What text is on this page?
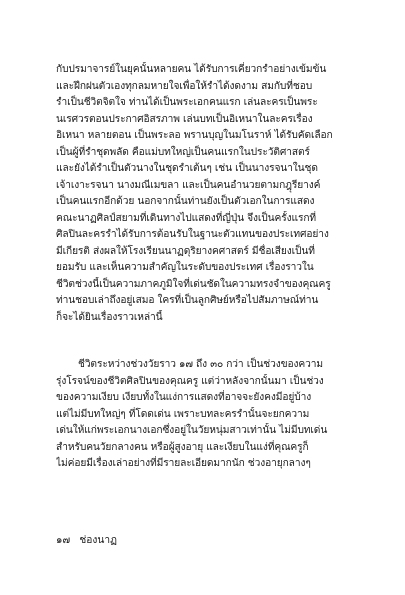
กับปรมาจารย์ในยุคนั้นหลายคน ได้รับการเคี่ยวกรำอย่างเข้มข้น
และฝึกฝนตัวเองทุกลมหายใจเพื่อให้รำได้งดงาม สมกับที่ชอบ
รำเป็นชีวิตจิตใจ ท่านได้เป็นพระเอกคนแรก เล่นละครเป็นพระ
นเรศวรตอนประกาศอิสรภาพ เล่นบทเป็นอิเหนาในละครเรื่อง
อิเหนา หลายตอน เป็นพระลอ พรานบุญในมโนราห์ ได้รับคัดเลือก
เป็นผู้ที่รำชุดพลัด คือแม่บทใหญ่เป็นคนแรกในประวัติศาสตร์
และยังได้รำเป็นตัวนางในชุดรำเต้นๆ เช่น เป็นนางรจนาในชุด
เจ้าเงาะรจนา นางมณีเมขลา และเป็นคนอำนวยตามกฎุรียางค์
เป็นคนแรกอีกด้วย นอกจากนั้นท่านยังเป็นตัวเอกในการแสดง
คณะนาฏศิลป์สยามที่เดินทางไปแสดงที่ญี่ปุ่น จึงเป็นครั้งแรกที่
ศิลปินละครรำได้รับการต้อนรับในฐานะตัวแทนของประเทศอย่าง
มีเกียรติ ส่งผลให้โรงเรียนนาฏดุริยางคศาสตร์ มีชื่อเสียงเป็นที่
ยอมรับ และเห็นความสำคัญในระดับของประเทศ เรื่องราวใน
ชีวิตช่วงนี้เป็นความภาคภูมิใจที่เด่นชัดในความทรงจำของคุณครู
ท่านชอบเล่าถึงอยู่เสมอ ใครที่เป็นลูกศิษย์หรือไปสัมภาษณ์ท่าน
ก็จะได้ยินเรื่องราวเหล่านี้
ชีวิตระหว่างช่วงวัยราว ๑๗ ถึง ๓๐ กว่า เป็นช่วงของความ
รุ่งโรจน์ของชีวิตศิลปินของคุณครู แต่ว่าหลังจากนั้นมา เป็นช่วง
ของความเงียบ เงียบทั้งในแง่การแสดงที่อาจจะยังคงมีอยู่บ้าง
แต่ไม่มีบทใหญ่ๆ ที่โดดเด่น เพราะบทละครรำนั้นจะยกความ
เด่นให้แก่พระเอกนางเอกซึ่งอยู่ในวัยหนุ่มสาวเท่านั้น ไม่มีบทเด่น
สำหรับคนวัยกลางคน หรือผู้สูงอายุ และเงียบในแง่ที่คุณครูก็
ไม่ค่อยมีเรื่องเล่าอย่างที่มีรายละเอียดมากนัก ช่วงอายุกลางๆ
๑๗ ช่องนาฏ
